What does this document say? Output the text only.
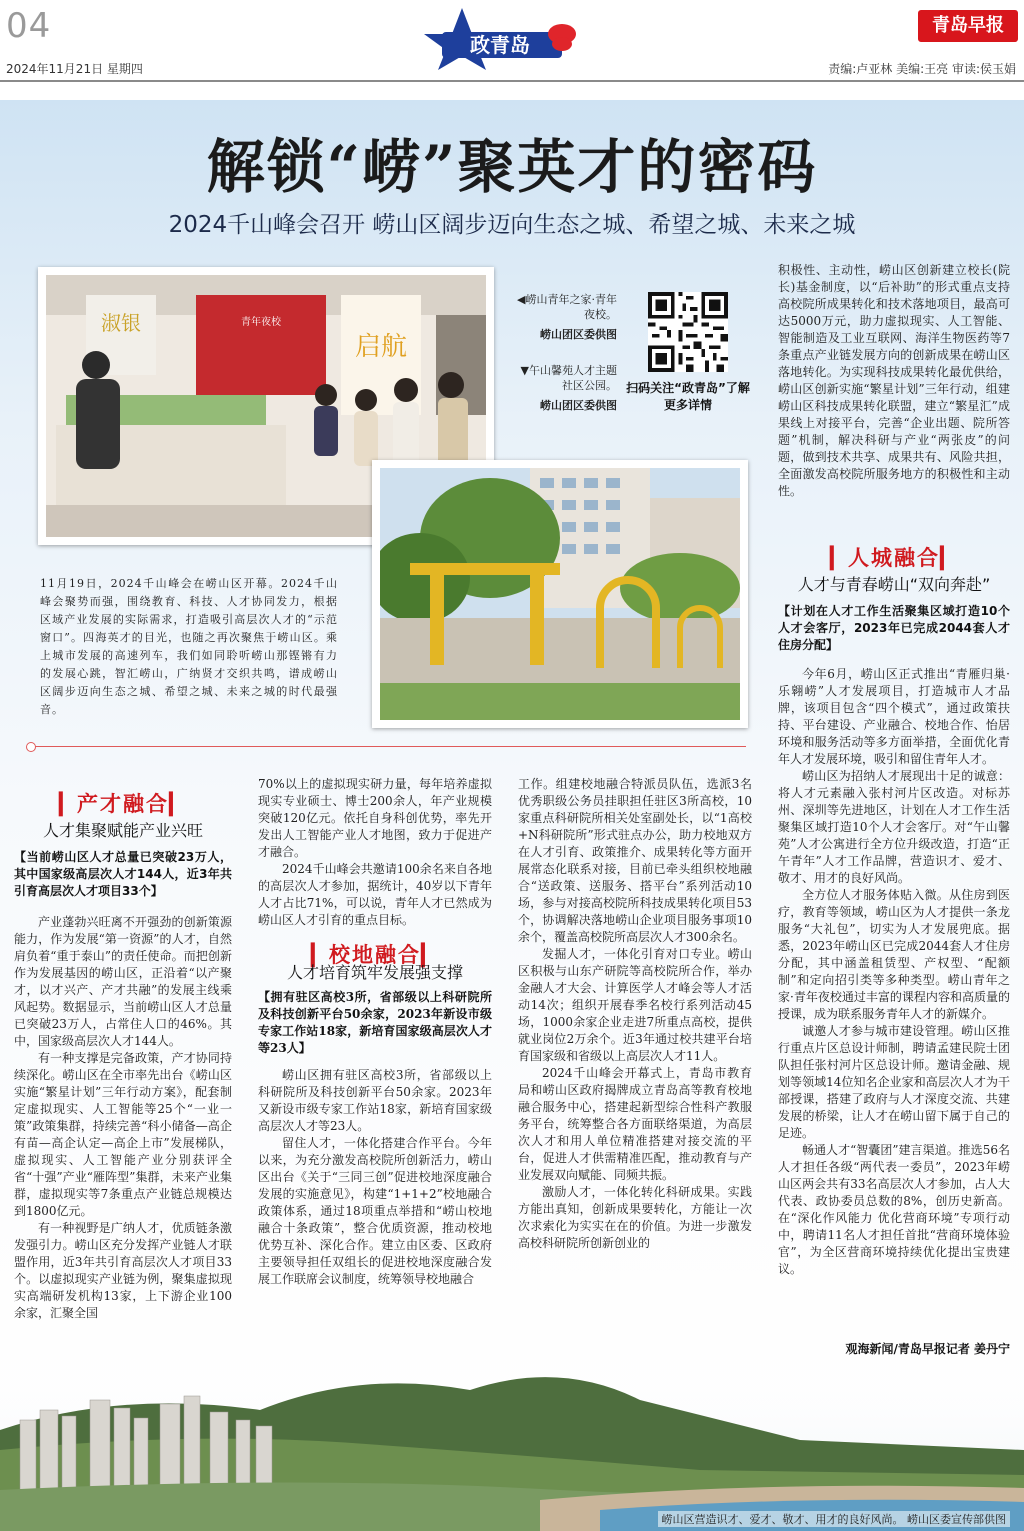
04
2024年11月21日 星期四
政青岛
青岛早报
责编:卢亚林 美编:王亮 审读:侯玉娟
解锁“崂”聚英才的密码
2024千山峰会召开 崂山区阔步迈向生态之城、希望之城、未来之城
淑银	青年夜校
启航
◀崂山青年之家·青年夜校。
崂山团区委供图
▼午山馨苑人才主题社区公园。
崂山团区委供图
扫码关注“政青岛”了解更多详情
11月19日，2024千山峰会在崂山区开幕。2024千山峰会聚势而强，围绕教育、科技、人才协同发力，根据区域产业发展的实际需求，打造吸引高层次人才的“示范窗口”。四海英才的目光，也随之再次聚焦于崂山区。乘上城市发展的高速列车，我们如同聆听崂山那铿锵有力的发展心跳，智汇崂山，广纳贤才交织共鸣，谱成崂山区阔步迈向生态之城、希望之城、未来之城的时代最强音。
▎产才融合▎
人才集聚赋能产业兴旺
【当前崂山区人才总量已突破23万人，其中国家级高层次人才144人，近3年共引育高层次人才项目33个】

产业蓬勃兴旺离不开强劲的创新策源能力，作为发展“第一资源”的人才，自然肩负着“重于泰山”的责任使命。而把创新作为发展基因的崂山区，正沿着“以产聚才，以才兴产、产才共融”的发展主线乘风起势。数据显示，当前崂山区人才总量已突破23万人，占常住人口的46%。其中，国家级高层次人才144人。

有一种支撑是完备政策，产才协同持续深化。崂山区在全市率先出台《崂山区实施“繁星计划”三年行动方案》，配套制定虚拟现实、人工智能等25个“一业一策”政策集群，持续完善“科小储备—高企有苗—高企认定—高企上市”发展梯队，虚拟现实、人工智能产业分别获评全省“十强”产业“雁阵型”集群，未来产业集群，虚拟现实等7条重点产业链总规模达到1800亿元。

有一种视野是广纳人才，优质链条激发强引力。崂山区充分发挥产业链人才联盟作用，近3年共引育高层次人才项目33个。以虚拟现实产业链为例，聚集虚拟现实高端研发机构13家，上下游企业100余家，汇聚全国

70%以上的虚拟现实研力量，每年培养虚拟现实专业硕士、博士200余人，年产业规模突破120亿元。依托自身科创优势，率先开发出人工智能产业人才地图，致力于促进产才融合。

2024千山峰会共邀请100余名来自各地的高层次人才参加，据统计，40岁以下青年人才占比71%，可以说，青年人才已然成为崂山区人才引育的重点目标。

▎校地融合▎
人才培育筑牢发展强支撑
【拥有驻区高校3所，省部级以上科研院所及科技创新平台50余家，2023年新设市级专家工作站18家，新培育国家级高层次人才等23人】

崂山区拥有驻区高校3所，省部级以上科研院所及科技创新平台50余家。2023年又新设市级专家工作站18家，新培育国家级高层次人才等23人。

留住人才，一体化搭建合作平台。今年以来，为充分激发高校院所创新活力，崂山区出台《关于“三同三创”促进校地深度融合发展的实施意见》，构建“1+1+2”校地融合政策体系，通过18项重点举措和“崂山校地融合十条政策”，整合优质资源，推动校地优势互补、深化合作。建立由区委、区政府主要领导担任双组长的促进校地深度融合发展工作联席会议制度，统筹领导校地融合

工作。组建校地融合特派员队伍，选派3名优秀职级公务员挂职担任驻区3所高校，10家重点科研院所相关处室副处长，以“1高校+N科研院所”形式驻点办公，助力校地双方在人才引育、政策推介、成果转化等方面开展常态化联系对接，目前已牵头组织校地融合“送政策、送服务、搭平台”系列活动10场，参与对接高校院所科技成果转化项目53个，协调解决落地崂山企业项目服务事项10余个，覆盖高校院所高层次人才300余名。

发掘人才，一体化引育对口专业。崂山区积极与山东产研院等高校院所合作，举办金融人才大会、计算医学人才峰会等人才活动14次；组织开展春季名校行系列活动45场，1000余家企业走进7所重点高校，提供就业岗位2万余个。近3年通过校共建平台培育国家级和省级以上高层次人才11人。

2024千山峰会开幕式上，青岛市教育局和崂山区政府揭牌成立青岛高等教育校地融合服务中心，搭建起新型综合性科产教服务平台，统筹整合各方面联络渠道，为高层次人才和用人单位精准搭建对接交流的平台，促进人才供需精准匹配，推动教育与产业发展双向赋能、同频共振。

激励人才，一体化转化科研成果。实践方能出真知，创新成果要转化，方能让一次次求索化为实实在在的价值。为进一步激发高校科研院所创新创业的

积极性、主动性，崂山区创新建立校长(院长)基金制度，以“后补助”的形式重点支持高校院所成果转化和技术落地项目，最高可达5000万元，助力虚拟现实、人工智能、智能制造及工业互联网、海洋生物医药等7条重点产业链发展方向的创新成果在崂山区落地转化。为实现科技成果转化最优供给，崂山区创新实施“繁星计划”三年行动，组建崂山区科技成果转化联盟，建立“繁星汇”成果线上对接平台，完善“企业出题、院所答题”机制，解决科研与产业“两张皮”的问题，做到技术共享、成果共有、风险共担，全面激发高校院所服务地方的积极性和主动性。

▎人城融合▎
人才与青春崂山“双向奔赴”
【计划在人才工作生活聚集区域打造10个人才会客厅，2023年已完成2044套人才住房分配】

今年6月，崂山区正式推出“青雁归巢·乐翱崂”人才发展项目，打造城市人才品牌，该项目包含“四个模式”，通过政策扶持、平台建设、产业融合、校地合作、怡居环境和服务活动等多方面举措，全面优化青年人才发展环境，吸引和留住青年人才。

崂山区为招纳人才展现出十足的诚意：将人才元素融入张村河片区改造。对标苏州、深圳等先进地区，计划在人才工作生活聚集区域打造10个人才会客厅。对“午山馨苑”人才公寓进行全方位升级改造，打造“正午青年”人才工作品牌，营造识才、爱才、敬才、用才的良好风尚。

全方位人才服务体贴入微。从住房到医疗，教育等领域，崂山区为人才提供一条龙服务“大礼包”，切实为人才发展兜底。据悉，2023年崂山区已完成2044套人才住房分配，其中涵盖租赁型、产权型、“配额制”和定向招引类等多种类型。崂山青年之家·青年夜校通过丰富的课程内容和高质量的授课，成为联系服务青年人才的新媒介。

诚邀人才参与城市建设管理。崂山区推行重点片区总设计师制，聘请孟建民院士团队担任张村河片区总设计师。邀请金融、规划等领域14位知名企业家和高层次人才为干部授课，搭建了政府与人才深度交流、共建发展的桥梁，让人才在崂山留下属于自己的足迹。

畅通人才“智囊团”建言渠道。推选56名人才担任各级“两代表一委员”，2023年崂山区两会共有33名高层次人才参加，占人大代表、政协委员总数的8%，创历史新高。在“深化作风能力 优化营商环境”专项行动中，聘请11名人才担任首批“营商环境体验官”，为全区营商环境持续优化提出宝贵建议。

观海新闻/青岛早报记者 姜丹宁
崂山区营造识才、爱才、敬才、用才的良好风尚。 崂山区委宣传部供图
